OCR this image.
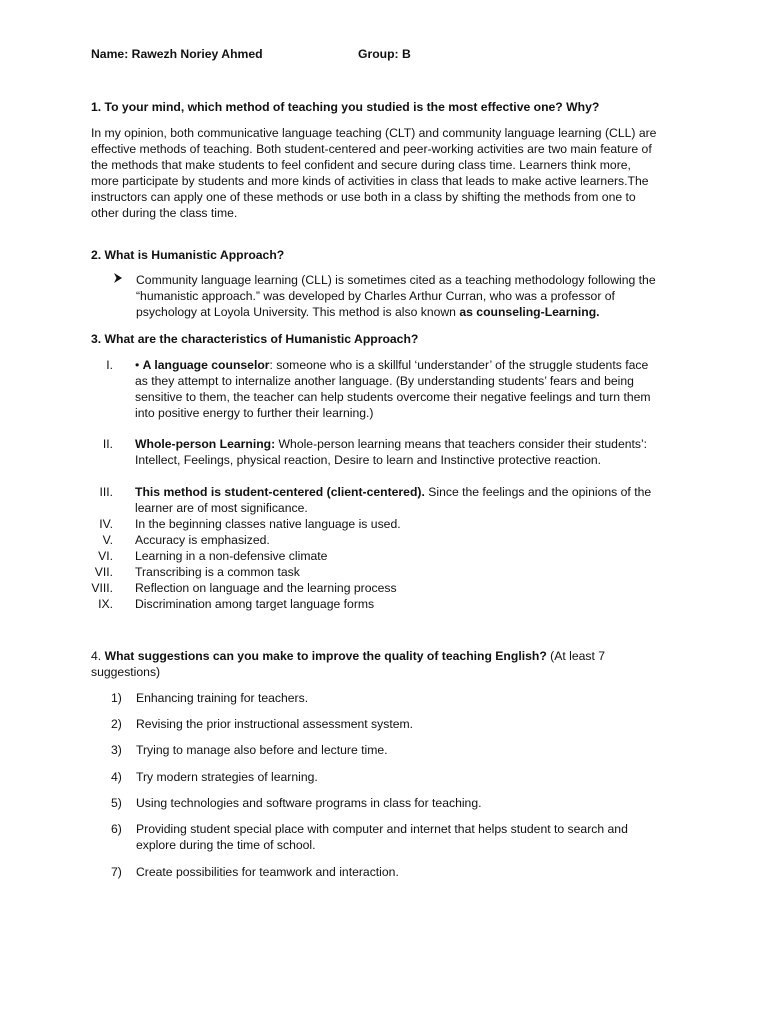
Name: Rawezh Noriey Ahmed	Group: B
1. To your mind, which method of teaching you studied is the most effective one? Why?
In my opinion, both communicative language teaching (CLT) and community language learning (CLL) are
effective methods of teaching. Both student-centered and peer-working activities are two main feature of
the methods that make students to feel confident and secure during class time. Learners think more,
more participate by students and more kinds of activities in class that leads to make active learners.The
instructors can apply one of these methods or use both in a class by shifting the methods from one to
other during the class time.
2. What is Humanistic Approach?
Community language learning (CLL) is sometimes cited as a teaching methodology following the
“humanistic approach.” was developed by Charles Arthur Curran, who was a professor of
psychology at Loyola University. This method is also known as counseling-Learning.
3. What are the characteristics of Humanistic Approach?
I. • A language counselor: someone who is a skillful ‘understander’ of the struggle students face
as they attempt to internalize another language. (By understanding students’ fears and being
sensitive to them, the teacher can help students overcome their negative feelings and turn them
into positive energy to further their learning.)
II. Whole-person Learning: Whole-person learning means that teachers consider their students’:
Intellect, Feelings, physical reaction, Desire to learn and Instinctive protective reaction.
III. This method is student-centered (client-centered). Since the feelings and the opinions of the
learner are of most significance.
IV. In the beginning classes native language is used.
V. Accuracy is emphasized.
VI. Learning in a non-defensive climate
VII. Transcribing is a common task
VIII. Reflection on language and the learning process
IX. Discrimination among target language forms
4. What suggestions can you make to improve the quality of teaching English? (At least 7
suggestions)
1)	Enhancing training for teachers.
2)	Revising the prior instructional assessment system.
3)	Trying to manage also before and lecture time.
4)	Try modern strategies of learning.
5)	Using technologies and software programs in class for teaching.
6)	Providing student special place with computer and internet that helps student to search and
explore during the time of school.
7)	Create possibilities for teamwork and interaction.
